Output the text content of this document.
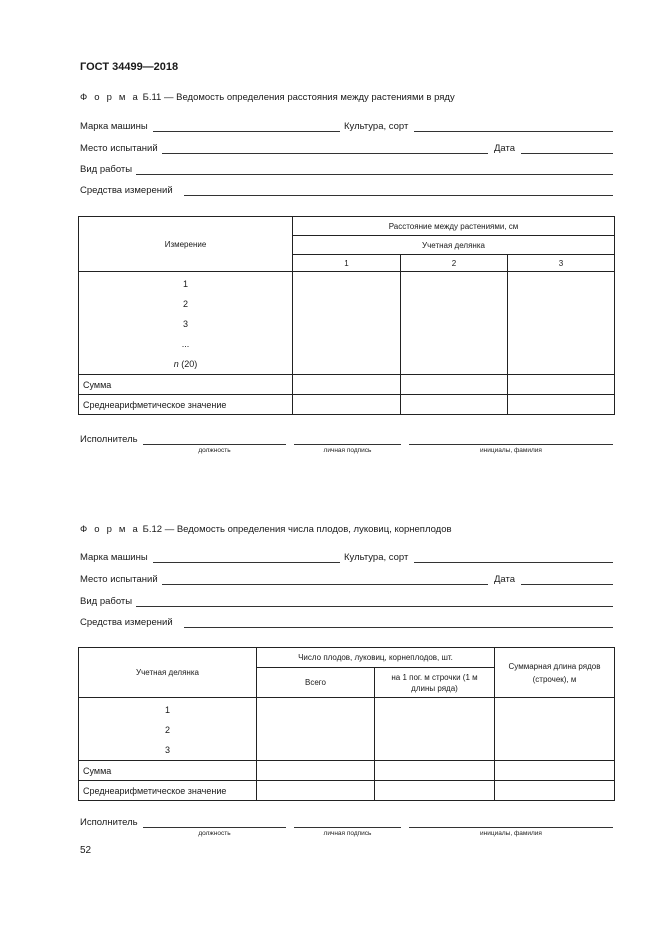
ГОСТ 34499—2018
Ф о р м а Б.11 — Ведомость определения расстояния между растениями в ряду
Марка машины	Культура, сорт
Место испытаний	Дата
Вид работы
Средства измерений
Измерение	Расстояние между растениями, см		
	Учетная делянка		
	1	2	3

1
2
3
...
n (20)			

Сумма			
Среднеарифметическое значение			
Исполнитель
должность	личная подпись	инициалы, фамилия
Ф о р м а Б.12 — Ведомость определения числа плодов, луковиц, корнеплодов
Марка машины	Культура, сорт
Место испытаний	Дата
Вид работы
Средства измерений
Учетная делянка	Число плодов, луковиц, корнеплодов, шт.		Суммарная длина рядов (строчек), м
	Всего	на 1 пог. м строчки (1 м длины ряда)	

1
2
3			

Сумма			
Среднеарифметическое значение			
Исполнитель
должность	личная подпись	инициалы, фамилия
52
